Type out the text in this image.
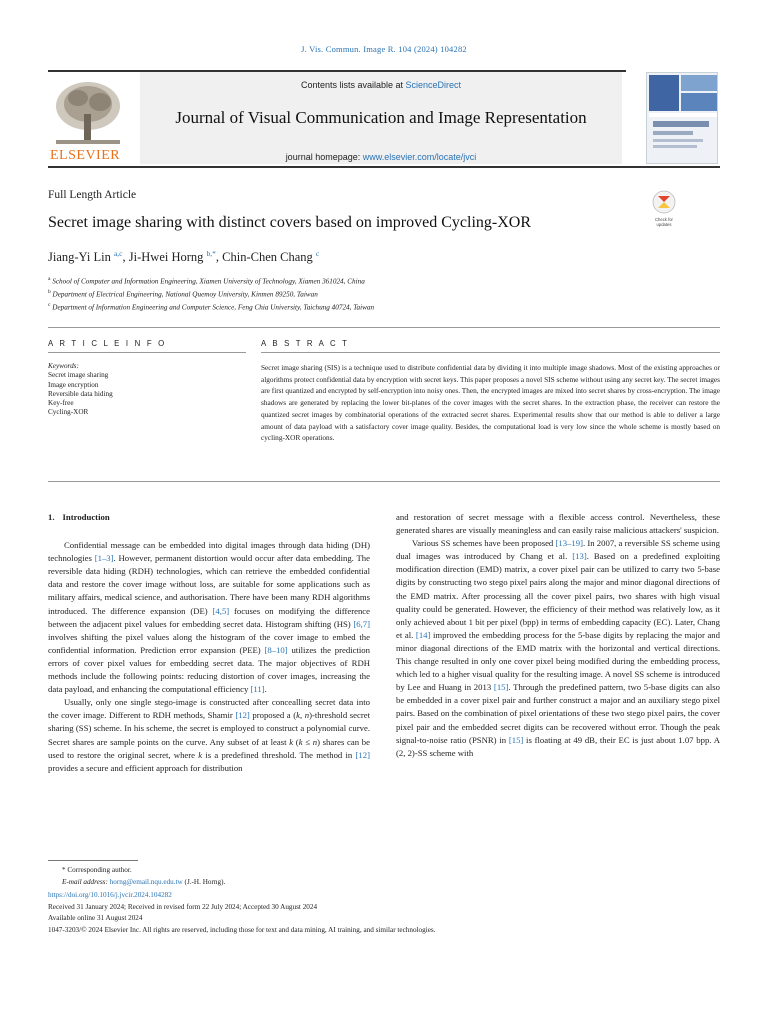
J. Vis. Commun. Image R. 104 (2024) 104282
ELSEVIER
Contents lists available at ScienceDirect
Journal of Visual Communication and Image Representation
journal homepage: www.elsevier.com/locate/jvci
Full Length Article
Secret image sharing with distinct covers based on improved Cycling-XOR	Check for
updates
Jiang-Yi Lin $^{a,c}$, Ji-Hwei Horng $^{b,*}$, Chin-Chen Chang $^c$
$^a$ School of Computer and Information Engineering, Xiamen University of Technology, Xiamen 361024, China
$^b$ Department of Electrical Engineering, National Quemoy University, Kinmen 89250, Taiwan
$^c$ Department of Information Engineering and Computer Science, Feng Chia University, Taichung 40724, Taiwan
A R T I C L E I N F O	A B S T R A C T
Keywords:
Secret image sharing
Image encryption
Reversible data hiding
Key-free
Cycling-XOR
Secret image sharing (SIS) is a technique used to distribute confidential data by dividing it into multiple image shadows. Most of the existing approaches or algorithms protect confidential data by encryption with secret keys. This paper proposes a novel SIS scheme without using any secret key. The secret images are first quantized and encrypted by self-encryption into noisy ones. Then, the encrypted images are mixed into secret shares by cross-encryption. The image shadows are generated by replacing the lower bit-planes of the cover images with the secret shares. In the extraction phase, the receiver can restore the quantized secret images by combinatorial operations of the extracted secret shares. Experimental results show that our method is able to deliver a large amount of data payload with a satisfactory cover image quality. Besides, the computational load is very low since the whole scheme is mostly based on cycling-XOR operations.
1. Introduction

Confidential message can be embedded into digital images through data hiding (DH) technologies [1–3]. However, permanent distortion would occur after data embedding. The reversible data hiding (RDH) technologies, which can retrieve the embedded confidential data and restore the cover image without loss, are suitable for some applications such as military affairs, medical science, and authorisation. There have been many RDH algorithms introduced. The difference expansion (DE) [4,5] focuses on modifying the difference between the adjacent pixel values for embedding secret data. Histogram shifting (HS) [6,7] involves shifting the pixel values along the histogram of the cover image to embed the confidential information. Prediction error expansion (PEE) [8–10] utilizes the prediction errors of cover pixel values for embedding secret data. The major objectives of RDH methods include the following points: reducing distortion of cover images, increasing the data payload, and enhancing the computational efficiency [11].

Usually, only one single stego-image is constructed after concealling secret data into the cover image. Different to RDH methods, Shamir [12] proposed a (k, n)-threshold secret sharing (SS) scheme. In his scheme, the secret is employed to construct a polynomial curve. Secret shares are sample points on the curve. Any subset of at least k (k ≤ n) shares can be used to restore the original secret, where k is a predefined threshold. The method in [12] provides a secure and efficient approach for distribution

and restoration of secret message with a flexible access control. Nevertheless, these generated shares are visually meaningless and can easily raise malicious attackers' suspicion.

Various SS schemes have been proposed [13–19]. In 2007, a reversible SS scheme using dual images was introduced by Chang et al. [13]. Based on a predefined exploiting modification direction (EMD) matrix, a cover pixel pair can be utilized to carry two 5-base digits by constructing two stego pixel pairs along the major and minor diagonal directions of the EMD matrix. After processing all the cover pixel pairs, two shares with high visual quality could be generated. However, the efficiency of their method was relatively low, as it only achieved about 1 bit per pixel (bpp) in terms of embedding capacity (EC). Later, Chang et al. [14] improved the embedding process for the 5-base digits by replacing the major and minor diagonal directions of the EMD matrix with the horizontal and vertical directions. This change resulted in only one cover pixel being modified during the embedding process, which led to a higher visual quality for the resulting image. A novel SS scheme is introduced by Lee and Huang in 2013 [15]. Through the predefined pattern, two 5-base digits can also be embedded in a cover pixel pair and further construct a major and an auxiliary stego pixel pairs. Based on the combination of pixel orientations of these two stego pixel pairs, the cover pixel pair and the embedded secret digits can be recovered without error. Though the peak signal-to-noise ratio (PSNR) in [15] is floating at 49 dB, their EC is just about 1.07 bpp. A (2, 2)-SS scheme with

* Corresponding author.
E-mail address: horng@email.nqu.edu.tw (J.-H. Horng).
https://doi.org/10.1016/j.jvcir.2024.104282
Received 31 January 2024; Received in revised form 22 July 2024; Accepted 30 August 2024
Available online 31 August 2024
1047-3203/© 2024 Elsevier Inc. All rights are reserved, including those for text and data mining, AI training, and similar technologies.
